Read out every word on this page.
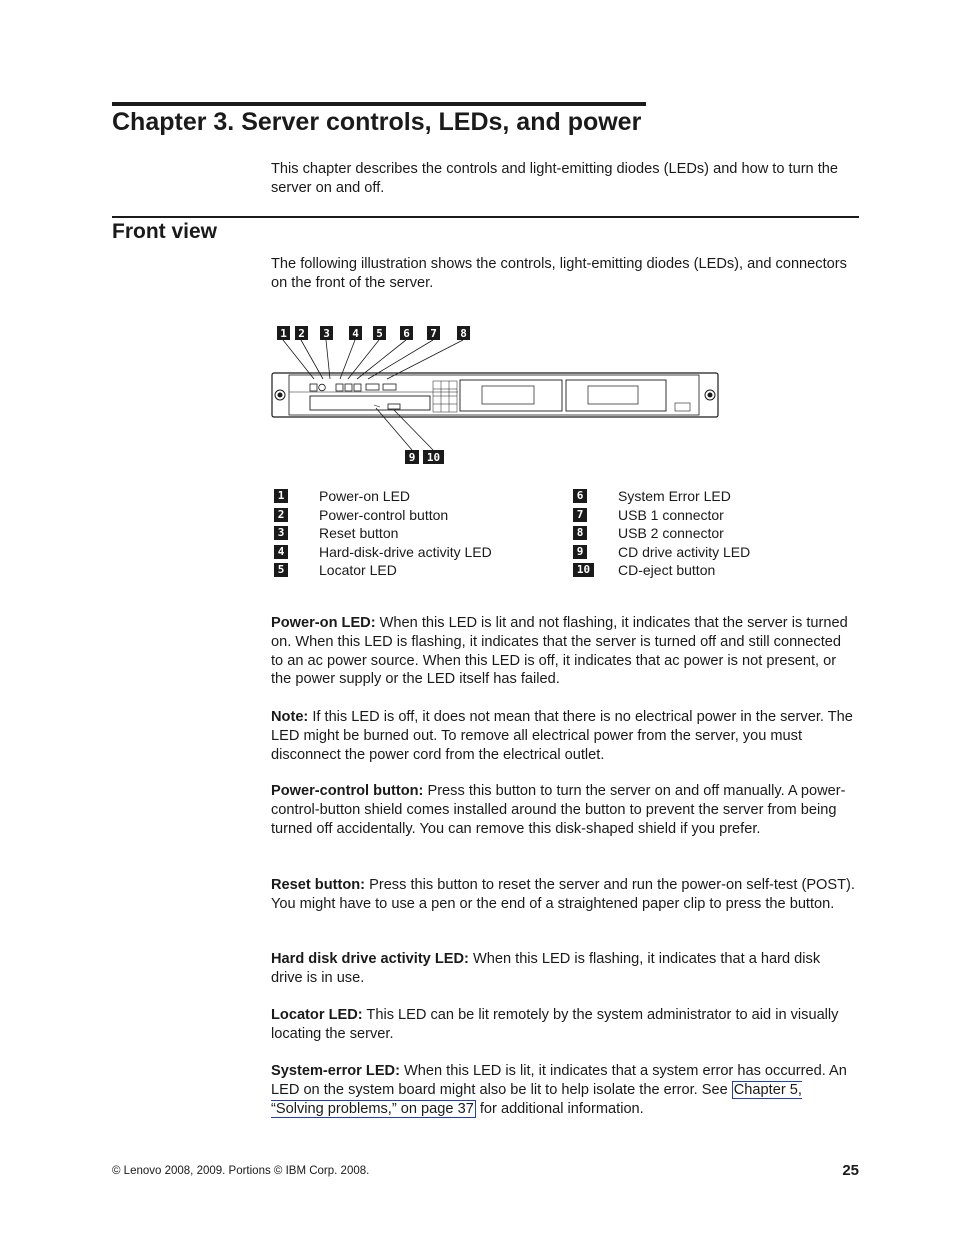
Chapter 3. Server controls, LEDs, and power

This chapter describes the controls and light-emitting diodes (LEDs) and how to turn the server on and off.

Front view

The following illustration shows the controls, light-emitting diodes (LEDs), and connectors on the front of the server.

1 2 3 4 5 6 7 8
9 10
1 Power-on LED
2 Power-control button
3 Reset button
4 Hard-disk-drive activity LED
5 Locator LED
6 System Error LED
7 USB 1 connector
8 USB 2 connector
9 CD drive activity LED
10 CD-eject button

Power-on LED: When this LED is lit and not flashing, it indicates that the server is turned on. When this LED is flashing, it indicates that the server is turned off and still connected to an ac power source. When this LED is off, it indicates that ac power is not present, or the power supply or the LED itself has failed.

Note: If this LED is off, it does not mean that there is no electrical power in the server. The LED might be burned out. To remove all electrical power from the server, you must disconnect the power cord from the electrical outlet.

Power-control button: Press this button to turn the server on and off manually. A power-control-button shield comes installed around the button to prevent the server from being turned off accidentally. You can remove this disk-shaped shield if you prefer.

Reset button: Press this button to reset the server and run the power-on self-test (POST). You might have to use a pen or the end of a straightened paper clip to press the button.

Hard disk drive activity LED: When this LED is flashing, it indicates that a hard disk drive is in use.

Locator LED: This LED can be lit remotely by the system administrator to aid in visually locating the server.

System-error LED: When this LED is lit, it indicates that a system error has occurred. An LED on the system board might also be lit to help isolate the error. See Chapter 5, “Solving problems,” on page 37 for additional information.

© Lenovo 2008, 2009. Portions © IBM Corp. 2008.	25
